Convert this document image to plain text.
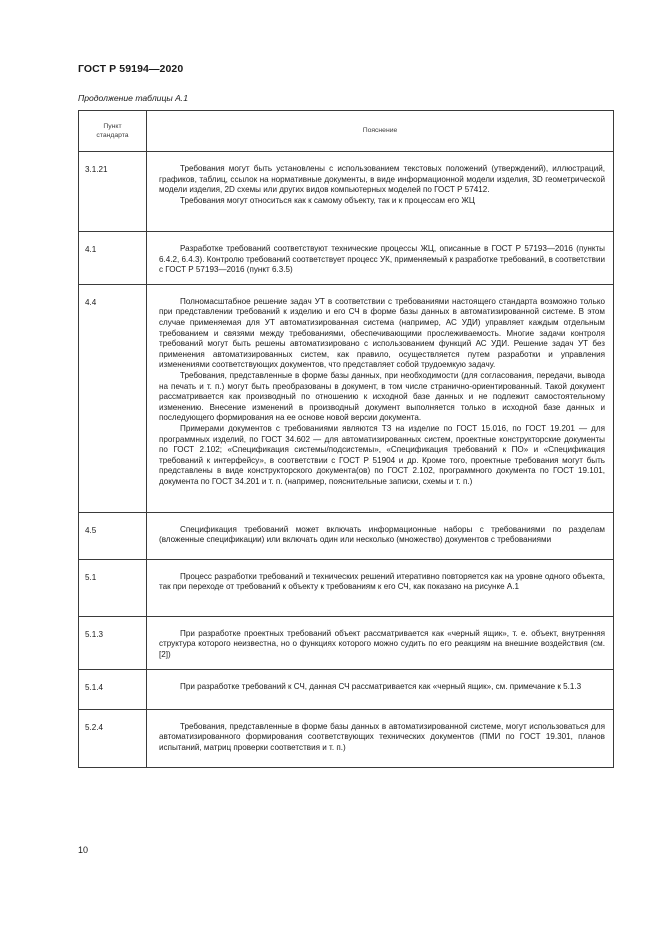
ГОСТ Р 59194—2020
Продолжение таблицы А.1
Пункт
стандарта	Пояснение
3.1.21	Требования могут быть установлены с использованием текстовых положений (утверждений), иллюстраций, графиков, таблиц, ссылок на нормативные документы, в виде информационной модели изделия, 3D геометрической модели изделия, 2D схемы или других видов компьютерных моделей по ГОСТ Р 57412.

Требования могут относиться как к самому объекту, так и к процессам его ЖЦ

4.1	Разработке требований соответствуют технические процессы ЖЦ, описанные в ГОСТ Р 57193—2016 (пункты 6.4.2, 6.4.3). Контролю требований соответствует процесс УК, применяемый к разработке требований, в соответствии с ГОСТ Р 57193—2016 (пункт 6.3.5)

4.4	Полномасштабное решение задач УТ в соответствии с требованиями настоящего стандарта возможно только при представлении требований к изделию и его СЧ в форме базы данных в автоматизированной системе. В этом случае применяемая для УТ автоматизированная система (например, АС УДИ) управляет каждым отдельным требованием и связями между требованиями, обеспечивающими прослеживаемость. Многие задачи контроля требований могут быть решены автоматизировано с использованием функций АС УДИ. Решение задач УТ без применения автоматизированных систем, как правило, осуществляется путем разработки и управления изменениями соответствующих документов, что представляет собой трудоемкую задачу.

Требования, представленные в форме базы данных, при необходимости (для согласования, передачи, вывода на печать и т. п.) могут быть преобразованы в документ, в том числе странично-ориентированный. Такой документ рассматривается как производный по отношению к исходной базе данных и не подлежит самостоятельному изменению. Внесение изменений в производный документ выполняется только в исходной базе данных и последующего формирования на ее основе новой версии документа.

Примерами документов с требованиями являются ТЗ на изделие по ГОСТ 15.016, по ГОСТ 19.201 — для программных изделий, по ГОСТ 34.602 — для автоматизированных систем, проектные конструкторские документы по ГОСТ 2.102; «Спецификация системы/подсистемы», «Спецификация требований к ПО» и «Спецификация требований к интерфейсу», в соответствии с ГОСТ Р 51904 и др. Кроме того, проектные требования могут быть представлены в виде конструкторского документа(ов) по ГОСТ 2.102, программного документа по ГОСТ 19.101, документа по ГОСТ 34.201 и т. п. (например, пояснительные записки, схемы и т. п.)

4.5	Спецификация требований может включать информационные наборы с требованиями по разделам (вложенные спецификации) или включать один или несколько (множество) документов с требованиями

5.1	Процесс разработки требований и технических решений итеративно повторяется как на уровне одного объекта, так при переходе от требований к объекту к требованиям к его СЧ, как показано на рисунке А.1

5.1.3	При разработке проектных требований объект рассматривается как «черный ящик», т. е. объект, внутренняя структура которого неизвестна, но о функциях которого можно судить по его реакциям на внешние воздействия (см. [2])

5.1.4	При разработке требований к СЧ, данная СЧ рассматривается как «черный ящик», см. примечание к 5.1.3

5.2.4	Требования, представленные в форме базы данных в автоматизированной системе, могут использоваться для автоматизированного формирования соответствующих технических документов (ПМИ по ГОСТ 19.301, планов испытаний, матриц проверки соответствия и т. п.)

10
